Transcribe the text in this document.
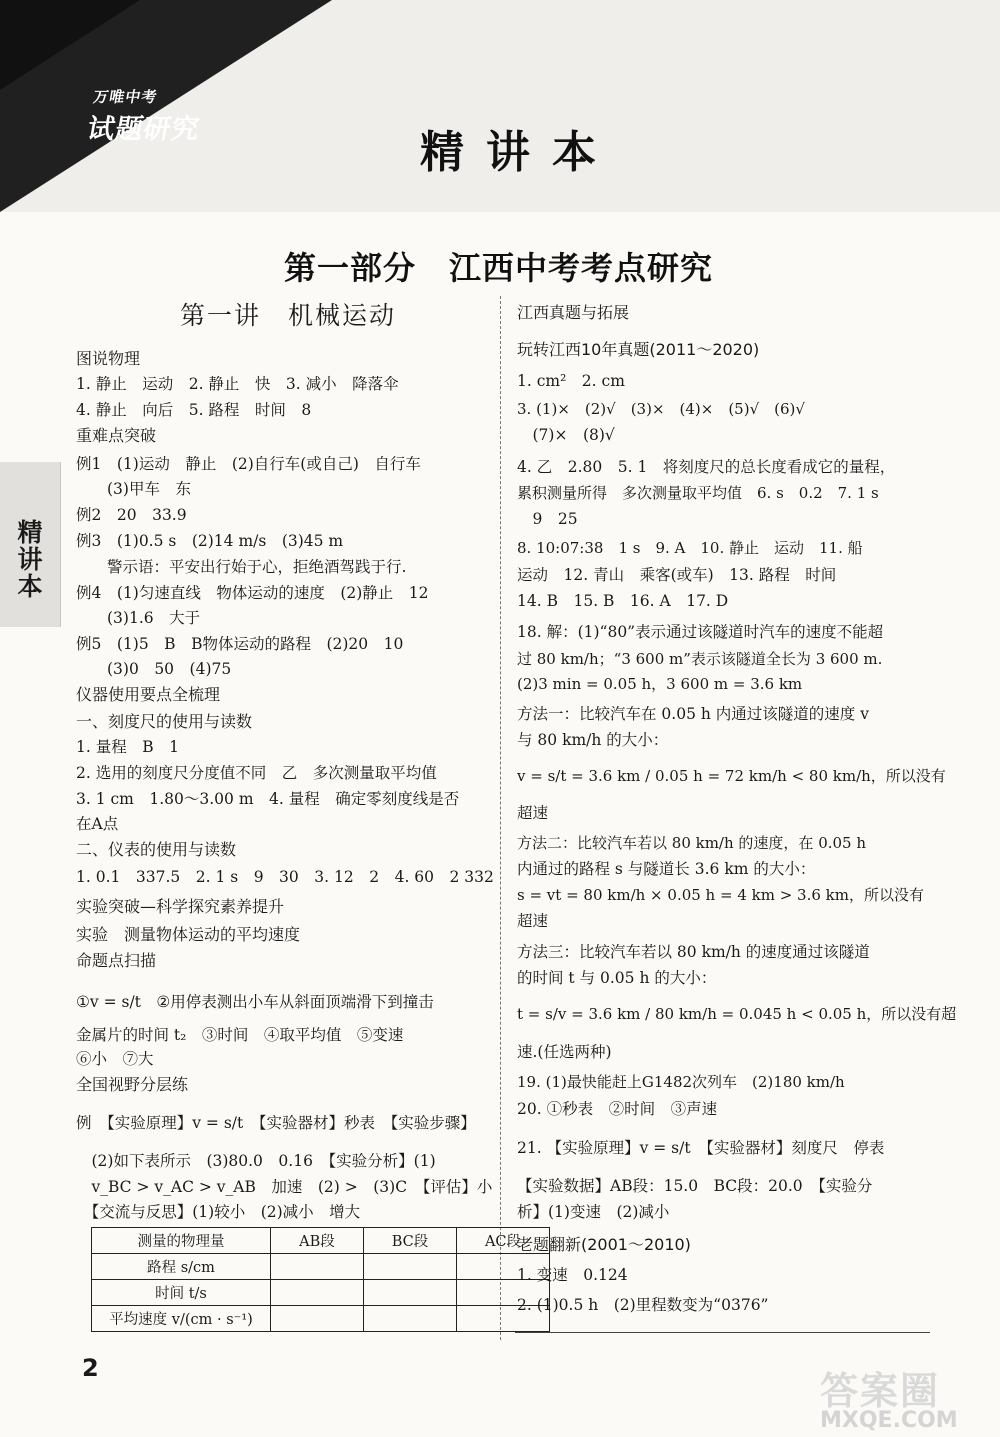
万唯中考
试题研究	精讲本
第一部分　江西中考考点研究
精
讲
本
第一讲　机械运动
图说物理
1. 静止　运动　2. 静止　快　3. 减小　降落伞
4. 静止　向后　5. 路程　时间　8
重难点突破
例1　(1)运动　静止　(2)自行车(或自己)　自行车
　　(3)甲车　东
例2　20　33.9
例3　(1)0.5 s　(2)14 m/s　(3)45 m
　　警示语：平安出行始于心，拒绝酒驾践于行.
例4　(1)匀速直线　物体运动的速度　(2)静止　12
　　(3)1.6　大于
例5　(1)5　B　B物体运动的路程　(2)20　10
　　(3)0　50　(4)75
仪器使用要点全梳理
一、刻度尺的使用与读数
1. 量程　B　1
2. 选用的刻度尺分度值不同　乙　多次测量取平均值
3. 1 cm　1.80～3.00 m　4. 量程　确定零刻度线是否
在A点
二、仪表的使用与读数
1. 0.1　337.5　2. 1 s　9　30　3. 12　2　4. 60　2 332
实验突破—科学探究素养提升
实验　测量物体运动的平均速度
命题点扫描
①v = s/t　②用停表测出小车从斜面顶端滑下到撞击
金属片的时间 t₂　③时间　④取平均值　⑤变速
⑥小　⑦大
全国视野分层练
例　【实验原理】v = s/t　【实验器材】秒表　【实验步骤】
　(2)如下表所示　(3)80.0　0.16　【实验分析】(1)
　v_BC > v_AC > v_AB　加速　(2) >　(3)C　【评估】小
　【交流与反思】(1)较小　(2)减小　增大
测量的物理量	AB段	BC段	AC段
路程 s/cm			
时间 t/s			
平均速度 v/(cm · s⁻¹)			
江西真题与拓展
玩转江西10年真题(2011～2020)
1. cm²　2. cm
3. (1)×　(2)√　(3)×　(4)×　(5)√　(6)√
　(7)×　(8)√
4. 乙　2.80　5. 1　将刻度尺的总长度看成它的量程，
累积测量所得　多次测量取平均值　6. s　0.2　7. 1 s
　9　25
8. 10:07:38　1 s　9. A　10. 静止　运动　11. 船
运动　12. 青山　乘客(或车)　13. 路程　时间
14. B　15. B　16. A　17. D
18. 解：(1)“80”表示通过该隧道时汽车的速度不能超
过 80 km/h；“3 600 m”表示该隧道全长为 3 600 m.
(2)3 min = 0.05 h，3 600 m = 3.6 km
方法一：比较汽车在 0.05 h 内通过该隧道的速度 v
与 80 km/h 的大小：
v = s/t = 3.6 km / 0.05 h = 72 km/h < 80 km/h，所以没有
超速
方法二：比较汽车若以 80 km/h 的速度，在 0.05 h
内通过的路程 s 与隧道长 3.6 km 的大小：
s = vt = 80 km/h × 0.05 h = 4 km > 3.6 km，所以没有
超速
方法三：比较汽车若以 80 km/h 的速度通过该隧道
的时间 t 与 0.05 h 的大小：
t = s/v = 3.6 km / 80 km/h = 0.045 h < 0.05 h，所以没有超
速.(任选两种)
19. (1)最快能赶上G1482次列车　(2)180 km/h
20. ①秒表　②时间　③声速
21. 【实验原理】v = s/t　【实验器材】刻度尺　停表
【实验数据】AB段：15.0　BC段：20.0　【实验分
析】(1)变速　(2)减小
老题翻新(2001～2010)
1. 变速　0.124
2. (1)0.5 h　(2)里程数变为“0376”
2
答案圈
MXQE.COM
